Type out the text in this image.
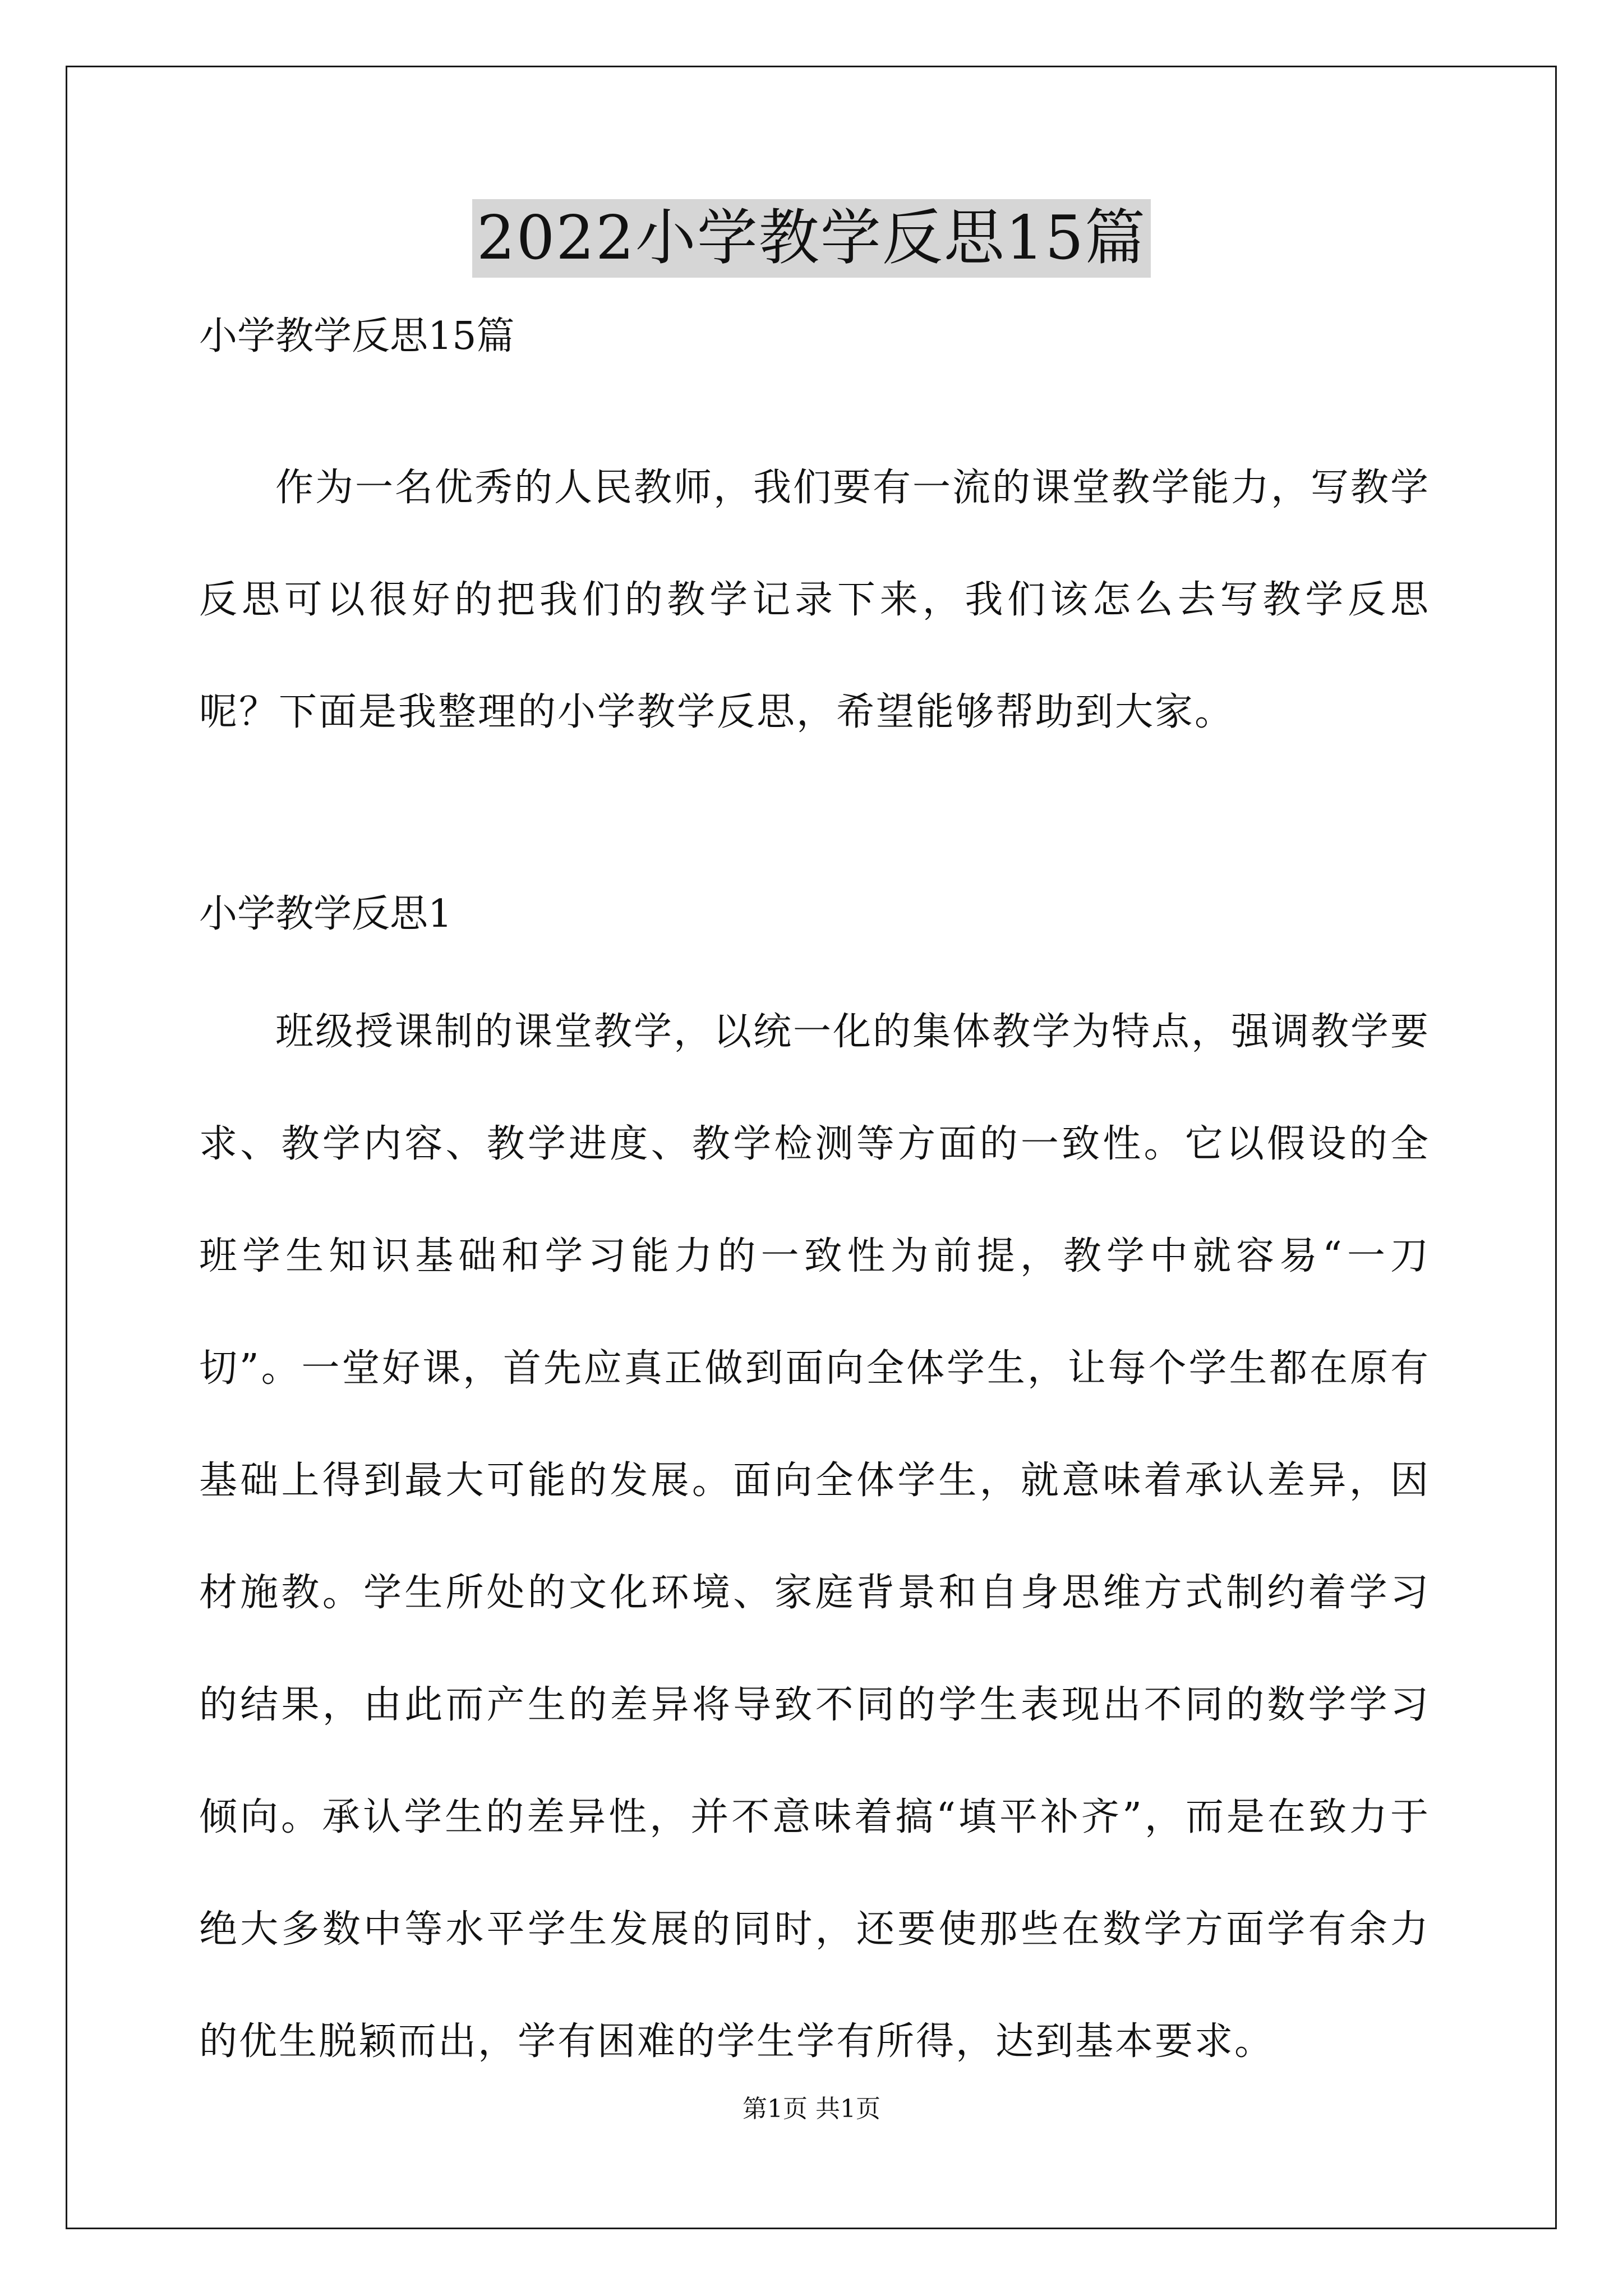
2022小学教学反思15篇

小学教学反思15篇

作为一名优秀的人民教师，我们要有一流的课堂教学能力，写教学反思可以很好的把我们的教学记录下来，我们该怎么去写教学反思呢？下面是我整理的小学教学反思，希望能够帮助到大家。

小学教学反思1

班级授课制的课堂教学，以统一化的集体教学为特点，强调教学要求、教学内容、教学进度、教学检测等方面的一致性。它以假设的全班学生知识基础和学习能力的一致性为前提，教学中就容易“一刀切”。一堂好课，首先应真正做到面向全体学生，让每个学生都在原有基础上得到最大可能的发展。面向全体学生，就意味着承认差异，因材施教。学生所处的文化环境、家庭背景和自身思维方式制约着学习的结果，由此而产生的差异将导致不同的学生表现出不同的数学学习倾向。承认学生的差异性，并不意味着搞“填平补齐”，而是在致力于绝大多数中等水平学生发展的同时，还要使那些在数学方面学有余力的优生脱颖而出，学有困难的学生学有所得，达到基本要求。

第1页 共1页
